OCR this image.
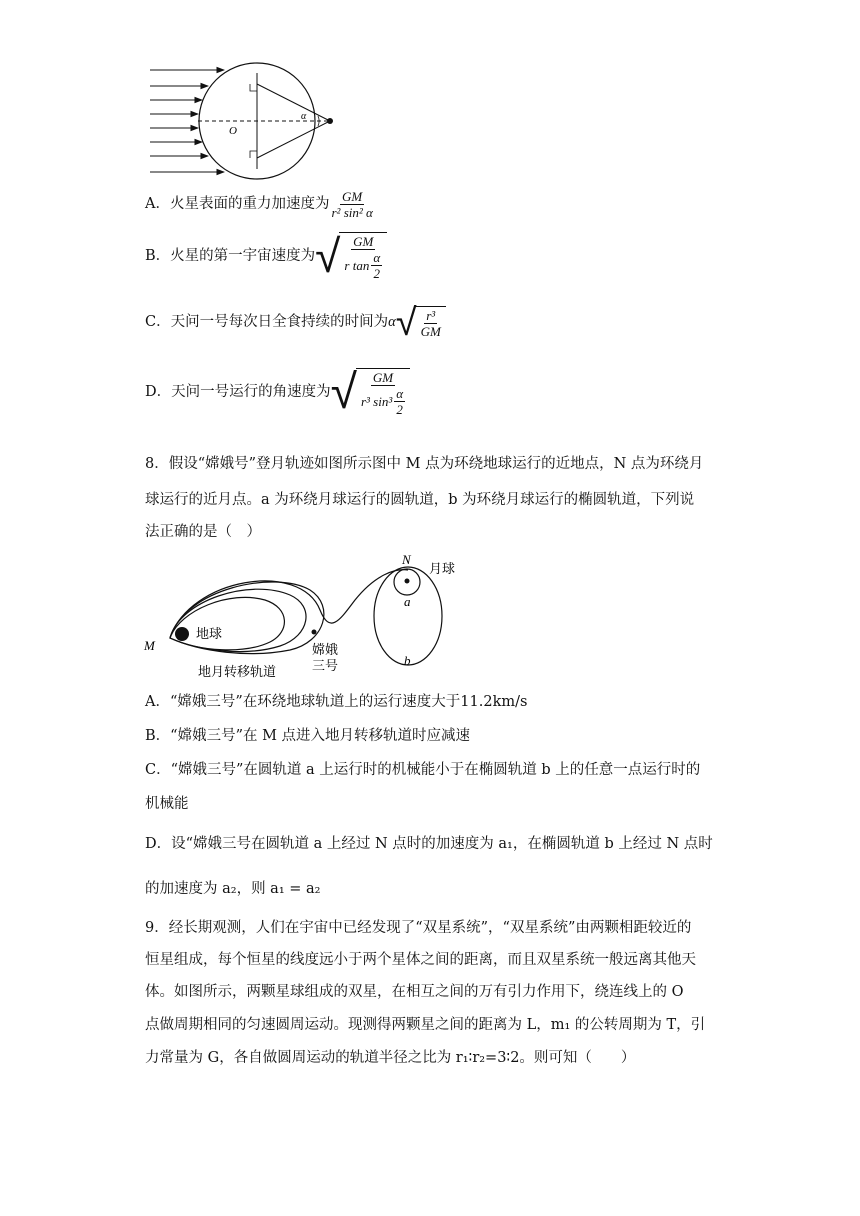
O
α
A．火星表面的重力加速度为 $\frac{GM}{\text{r² sin² α}}$
B．火星的第一宇宙速度为 √ $\frac{GM}{r \tan \frac{\alpha}{2}}$
C．天问一号每次日全食持续的时间为 α √ $\frac{\text{r³}}{GM}$
D．天问一号运行的角速度为 √ $\frac{GM}{r^3 \sin^3 \frac{\alpha}{2}}$
8．假设“嫦娥号”登月轨迹如图所示图中 M 点为环绕地球运行的近地点，N 点为环绕月
球运行的近月点。a 为环绕月球运行的圆轨道，b 为环绕月球运行的椭圆轨道，下列说
法正确的是（　）
N
月球
a
b
M
地球
地月转移轨道
嫦娥
三号
A．“嫦娥三号”在环绕地球轨道上的运行速度大于11.2km/s
B．“嫦娥三号”在 M 点进入地月转移轨道时应减速
C．“嫦娥三号”在圆轨道 a 上运行时的机械能小于在椭圆轨道 b 上的任意一点运行时的
机械能
D．设“嫦娥三号在圆轨道 a 上经过 N 点时的加速度为 a₁，在椭圆轨道 b 上经过 N 点时
的加速度为 a₂，则 a₁ = a₂
9．经长期观测，人们在宇宙中已经发现了“双星系统”，“双星系统”由两颗相距较近的
恒星组成，每个恒星的线度远小于两个星体之间的距离，而且双星系统一般远离其他天
体。如图所示，两颗星球组成的双星，在相互之间的万有引力作用下，绕连线上的 O
点做周期相同的匀速圆周运动。现测得两颗星之间的距离为 L，m₁ 的公转周期为 T，引
力常量为 G，各自做圆周运动的轨道半径之比为 r₁∶r₂=3∶2。则可知（　　）
